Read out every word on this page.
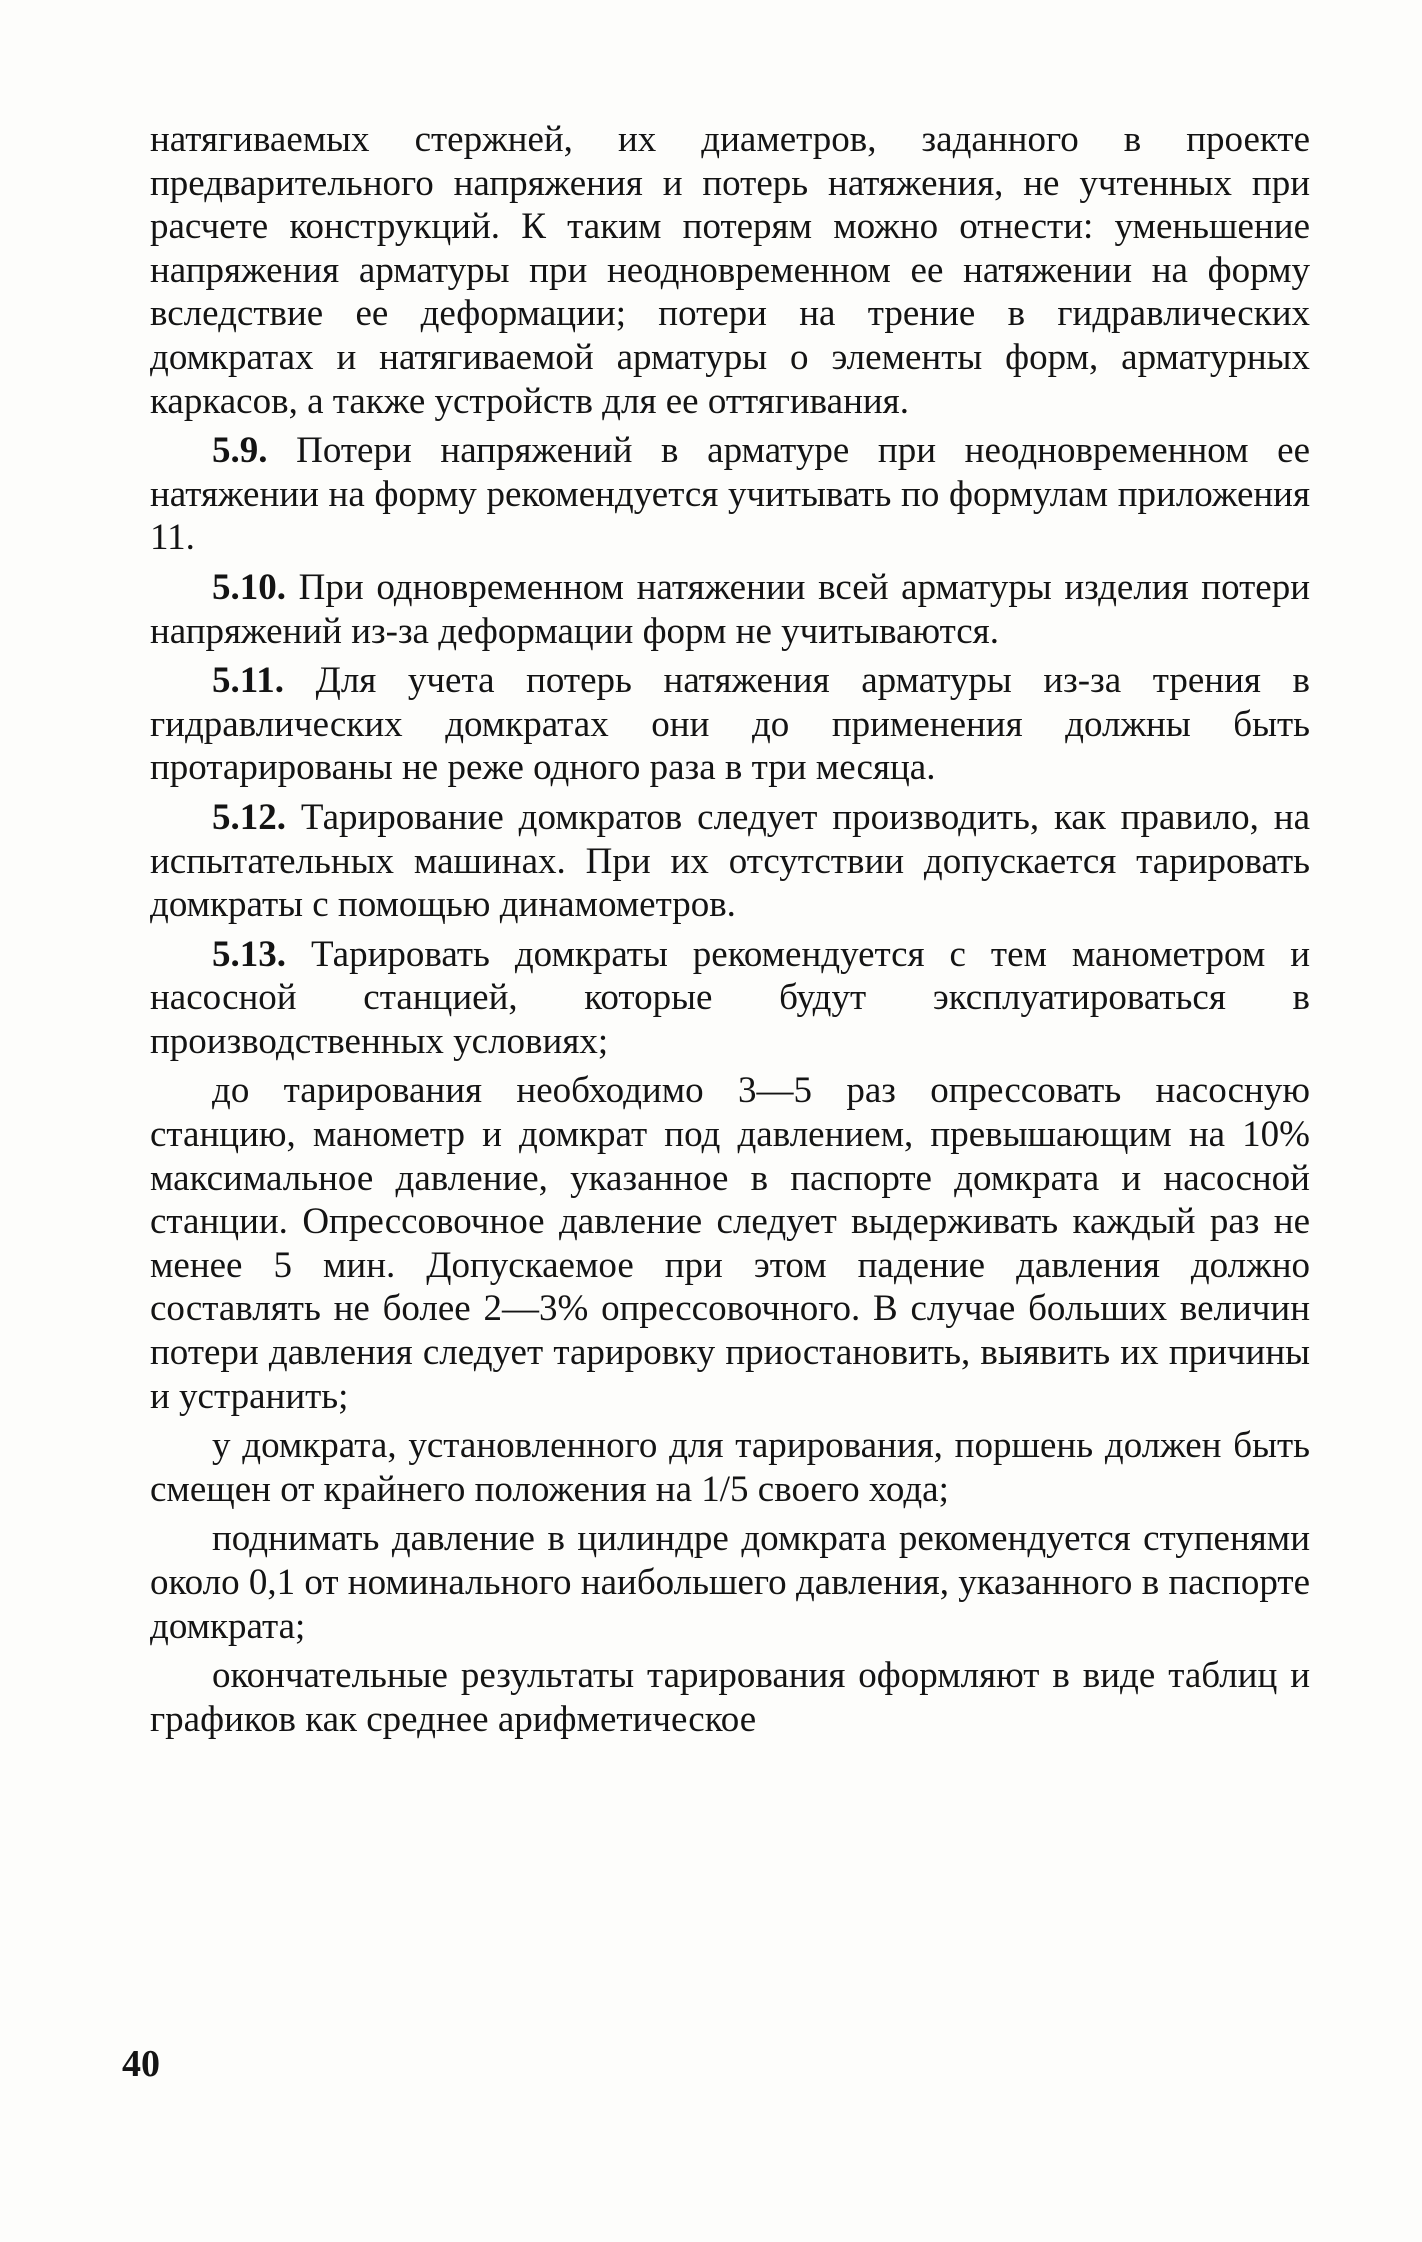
натягиваемых стержней, их диаметров, заданного в проекте предварительного напряжения и потерь натяжения, не учтенных при расчете конструкций. К таким потерям можно отнести: уменьшение напряжения арматуры при неодновременном ее натяжении на форму вследствие ее деформации; потери на трение в гидравлических домкратах и натягиваемой арматуры о элементы форм, арматурных каркасов, а также устройств для ее оттягивания.

5.9. Потери напряжений в арматуре при неодновременном ее натяжении на форму рекомендуется учитывать по формулам приложения 11.

5.10. При одновременном натяжении всей арматуры изделия потери напряжений из-за деформации форм не учитываются.

5.11. Для учета потерь натяжения арматуры из-за трения в гидравлических домкратах они до применения должны быть протарированы не реже одного раза в три месяца.

5.12. Тарирование домкратов следует производить, как правило, на испытательных машинах. При их отсутствии допускается тарировать домкраты с помощью динамометров.

5.13. Тарировать домкраты рекомендуется с тем манометром и насосной станцией, которые будут эксплуатироваться в производственных условиях;

до тарирования необходимо 3—5 раз опрессовать насосную станцию, манометр и домкрат под давлением, превышающим на 10% максимальное давление, указанное в паспорте домкрата и насосной станции. Опрессовочное давление следует выдерживать каждый раз не менее 5 мин. Допускаемое при этом падение давления должно составлять не более 2—3% опрессовочного. В случае больших величин потери давления следует тарировку приостановить, выявить их причины и устранить;

у домкрата, установленного для тарирования, поршень должен быть смещен от крайнего положения на 1/5 своего хода;

поднимать давление в цилиндре домкрата рекомендуется ступенями около 0,1 от номинального наибольшего давления, указанного в паспорте домкрата;

окончательные результаты тарирования оформляют в виде таблиц и графиков как среднее арифметическое

40
